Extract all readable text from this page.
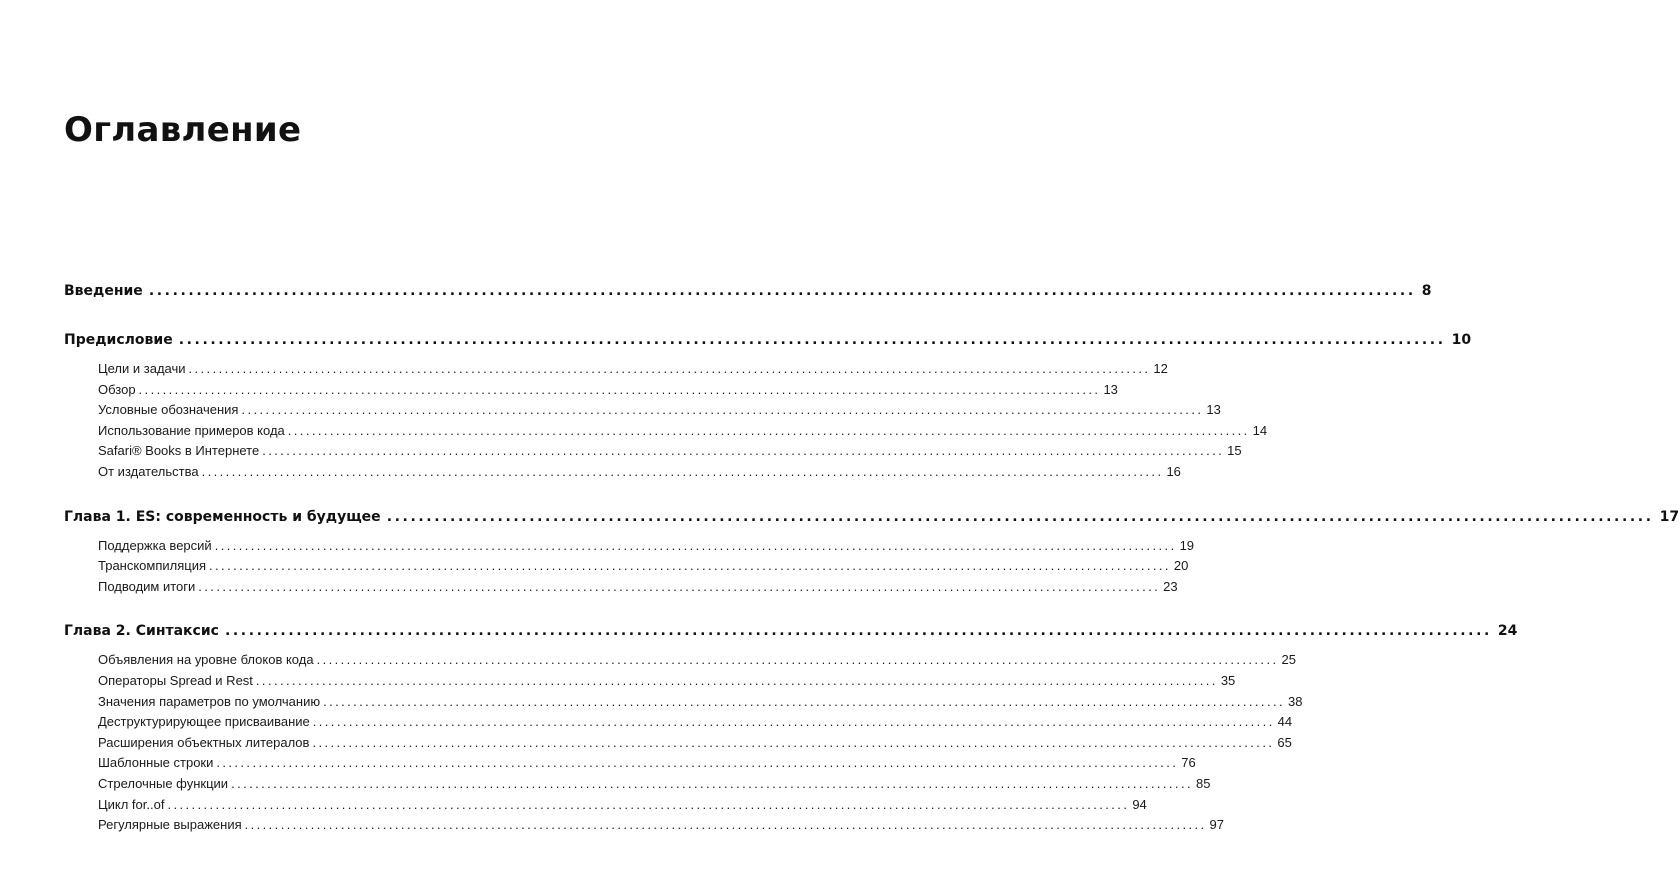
Оглавление
Введение ................................................................................................................................................................ 8
Предисловие ................................................................................................................................................................ 10
Цели и задачи ................................................................................................................................................................ 12
Обзор ................................................................................................................................................................ 13
Условные обозначения ................................................................................................................................................................ 13
Использование примеров кода ................................................................................................................................................................ 14
Safari® Books в Интернете ................................................................................................................................................................ 15
От издательства ................................................................................................................................................................ 16
Глава 1. ES: современность и будущее ................................................................................................................................................................ 17
Поддержка версий ................................................................................................................................................................ 19
Транскомпиляция ................................................................................................................................................................ 20
Подводим итоги ................................................................................................................................................................ 23
Глава 2. Синтаксис ................................................................................................................................................................ 24
Объявления на уровне блоков кода ................................................................................................................................................................ 25
Операторы Spread и Rest ................................................................................................................................................................ 35
Значения параметров по умолчанию ................................................................................................................................................................ 38
Деструктурирующее присваивание ................................................................................................................................................................ 44
Расширения объектных литералов ................................................................................................................................................................ 65
Шаблонные строки ................................................................................................................................................................ 76
Стрелочные функции ................................................................................................................................................................ 85
Цикл for..of ................................................................................................................................................................ 94
Регулярные выражения ................................................................................................................................................................ 97
